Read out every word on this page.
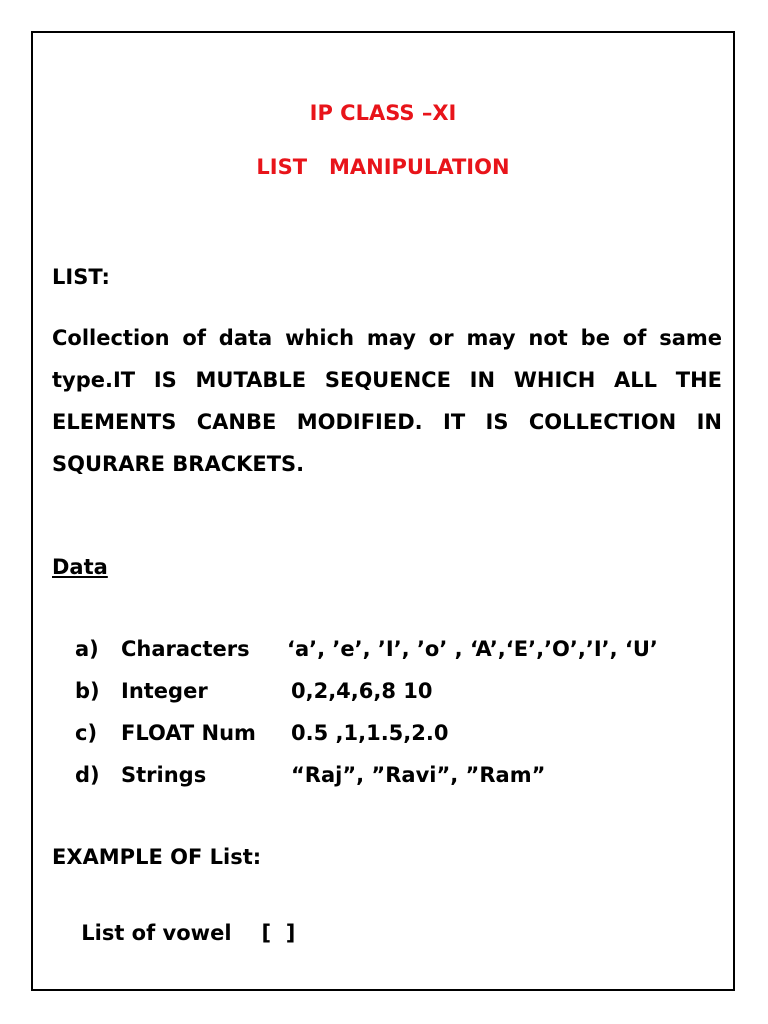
IP CLASS –XI
LIST   MANIPULATION
LIST:
Collection of data which may or may not be of same type.IT IS MUTABLE SEQUENCE IN WHICH ALL THE ELEMENTS CANBE MODIFIED. IT IS COLLECTION IN SQURARE BRACKETS.
Data

a)

Characters

‘a’, ’e’, ’I’, ’o’ , ‘A’,‘E’,’O’,’I’, ‘U’

b)

Integer

	0,2,4,6,8 10

c)

FLOAT Num

0.5 ,1,1.5,2.0

d)

Strings

	“Raj”, ”Ravi”, ”Ram”

EXAMPLE OF List:

List of vowel [  ]
